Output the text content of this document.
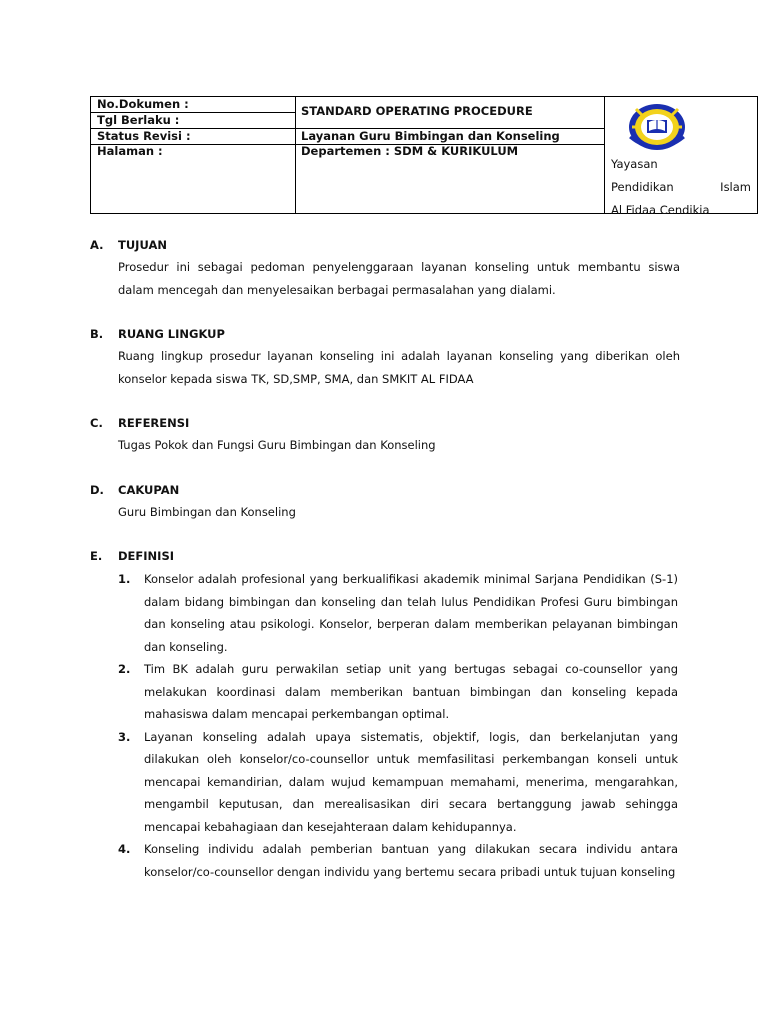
No.Dokumen :
Tgl Berlaku :
Status Revisi :
Halaman :
STANDARD OPERATING PROCEDURE
Layanan Guru Bimbingan dan Konseling
Departemen : SDM & KURIKULUM
Yayasan
Pendidikan Islam
Al Fidaa Cendikia
A. TUJUAN
Prosedur ini sebagai pedoman penyelenggaraan layanan konseling untuk membantu siswa dalam mencegah dan menyelesaikan berbagai permasalahan yang dialami.
B. RUANG LINGKUP
Ruang lingkup prosedur layanan konseling ini adalah layanan konseling yang diberikan oleh konselor kepada siswa TK, SD,SMP, SMA, dan SMKIT AL FIDAA
C. REFERENSI
Tugas Pokok dan Fungsi Guru Bimbingan dan Konseling
D. CAKUPAN
Guru Bimbingan dan Konseling
E. DEFINISI
1. Konselor adalah profesional yang berkualifikasi akademik minimal Sarjana Pendidikan (S-1) dalam bidang bimbingan dan konseling dan telah lulus Pendidikan Profesi Guru bimbingan dan konseling atau psikologi. Konselor, berperan dalam memberikan pelayanan bimbingan dan konseling.
2. Tim BK adalah guru perwakilan setiap unit yang bertugas sebagai co-counsellor yang melakukan koordinasi dalam memberikan bantuan bimbingan dan konseling kepada mahasiswa dalam mencapai perkembangan optimal.
3. Layanan konseling adalah upaya sistematis, objektif, logis, dan berkelanjutan yang dilakukan oleh konselor/co-counsellor untuk memfasilitasi perkembangan konseli untuk mencapai kemandirian, dalam wujud kemampuan memahami, menerima, mengarahkan, mengambil keputusan, dan merealisasikan diri secara bertanggung jawab sehingga mencapai kebahagiaan dan kesejahteraan dalam kehidupannya.
4. Konseling individu adalah pemberian bantuan yang dilakukan secara individu antara konselor/co-counsellor dengan individu yang bertemu secara pribadi untuk tujuan konseling
